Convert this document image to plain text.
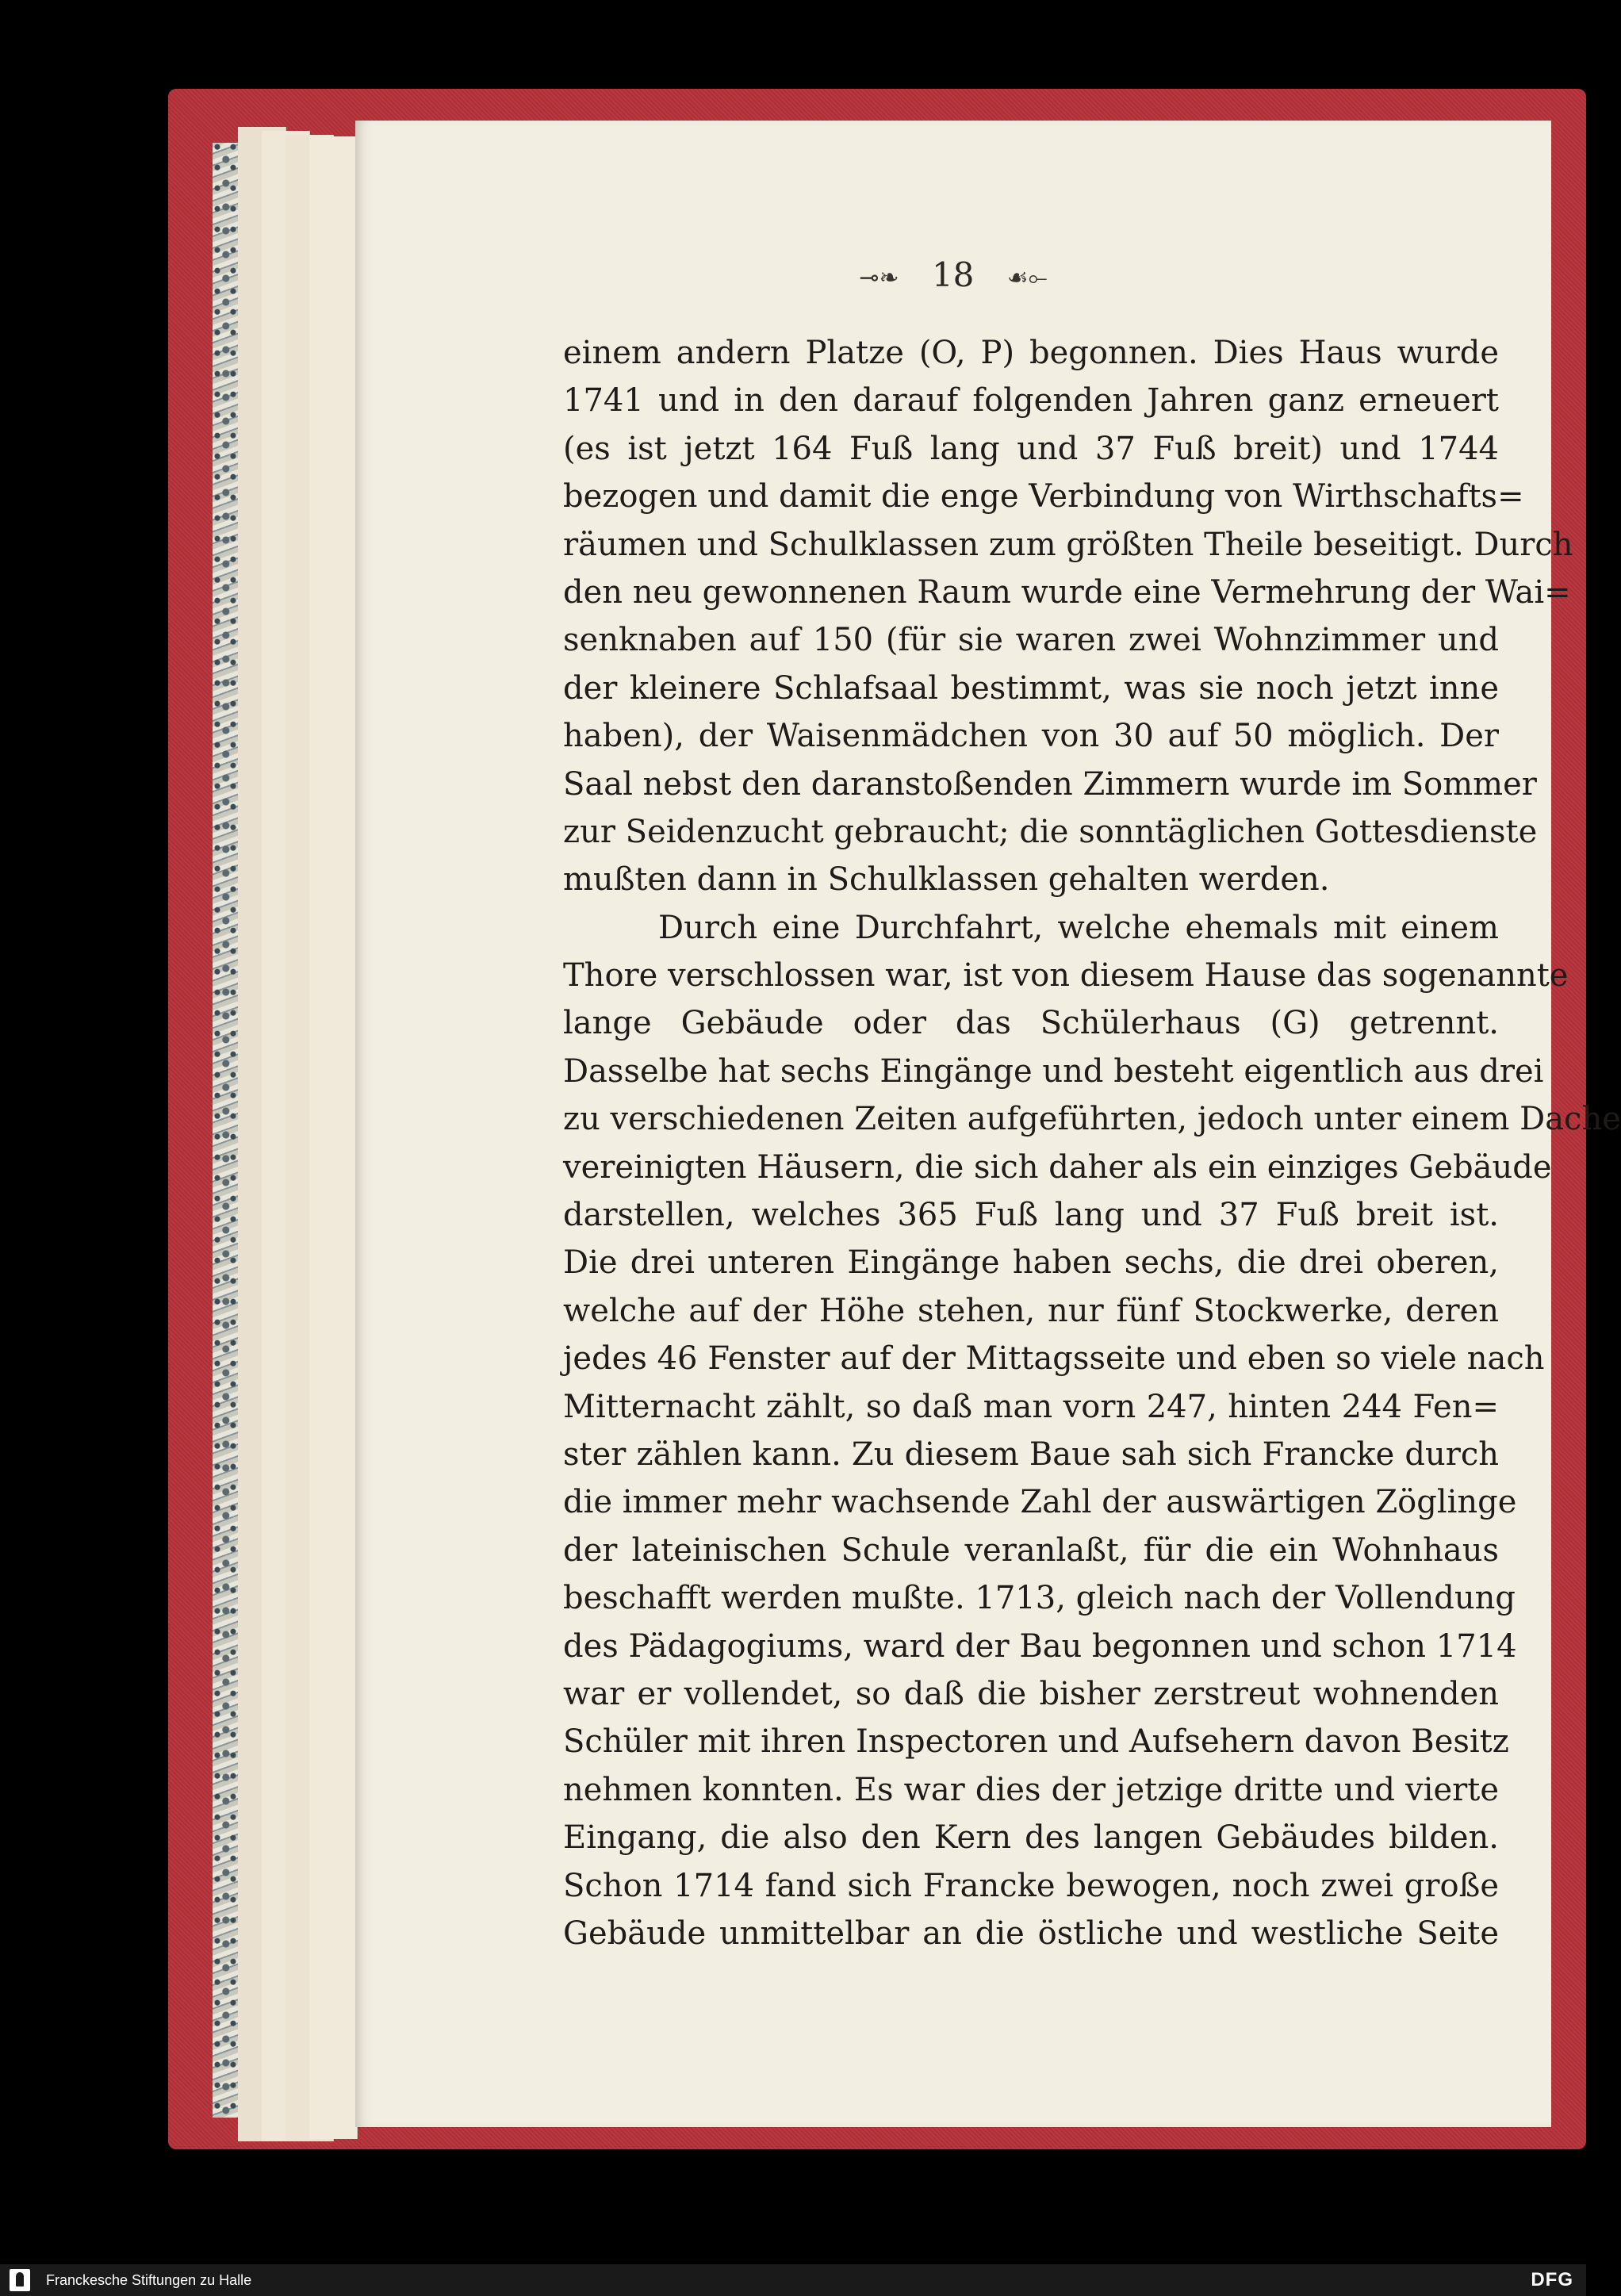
⊸❧ 18 ☙⟜
einem andern Platze (O, P) begonnen. Dies Haus wurde
1741 und in den darauf folgenden Jahren ganz erneuert
(es ist jetzt 164 Fuß lang und 37 Fuß breit) und 1744
bezogen und damit die enge Verbindung von Wirthschafts=
räumen und Schulklassen zum größten Theile beseitigt. Durch
den neu gewonnenen Raum wurde eine Vermehrung der Wai=
senknaben auf 150 (für sie waren zwei Wohnzimmer und
der kleinere Schlafsaal bestimmt, was sie noch jetzt inne
haben), der Waisenmädchen von 30 auf 50 möglich. Der
Saal nebst den daranstoßenden Zimmern wurde im Sommer
zur Seidenzucht gebraucht; die sonntäglichen Gottesdienste
mußten dann in Schulklassen gehalten werden.
Durch eine Durchfahrt, welche ehemals mit einem
Thore verschlossen war, ist von diesem Hause das sogenannte
lange Gebäude oder das Schülerhaus (G) getrennt.
Dasselbe hat sechs Eingänge und besteht eigentlich aus drei
zu verschiedenen Zeiten aufgeführten, jedoch unter einem Dache
vereinigten Häusern, die sich daher als ein einziges Gebäude
darstellen, welches 365 Fuß lang und 37 Fuß breit ist.
Die drei unteren Eingänge haben sechs, die drei oberen,
welche auf der Höhe stehen, nur fünf Stockwerke, deren
jedes 46 Fenster auf der Mittagsseite und eben so viele nach
Mitternacht zählt, so daß man vorn 247, hinten 244 Fen=
ster zählen kann. Zu diesem Baue sah sich Francke durch
die immer mehr wachsende Zahl der auswärtigen Zöglinge
der lateinischen Schule veranlaßt, für die ein Wohnhaus
beschafft werden mußte. 1713, gleich nach der Vollendung
des Pädagogiums, ward der Bau begonnen und schon 1714
war er vollendet, so daß die bisher zerstreut wohnenden
Schüler mit ihren Inspectoren und Aufsehern davon Besitz
nehmen konnten. Es war dies der jetzige dritte und vierte
Eingang, die also den Kern des langen Gebäudes bilden.
Schon 1714 fand sich Francke bewogen, noch zwei große
Gebäude unmittelbar an die östliche und westliche Seite
Franckesche Stiftungen zu Halle	DFG
